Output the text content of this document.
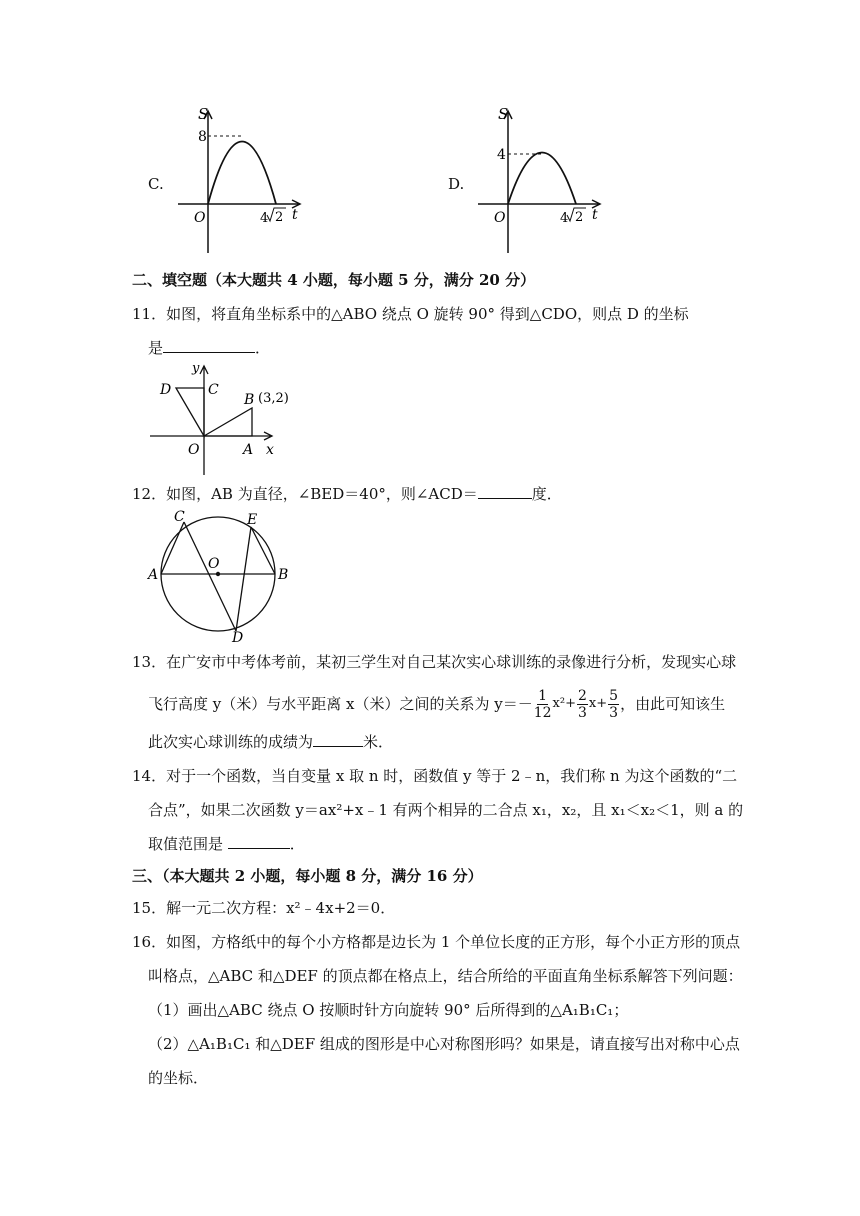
C.
S
8
O	4 2 t
D.
S
4
O	4 2 t
二、填空题（本大题共 4 小题，每小题 5 分，满分 20 分）
11．如图，将直角坐标系中的△ABO 绕点 O 旋转 90° 得到△CDO，则点 D 的坐标
是	．
y
C
D
B (3,2)
O	A x
12．如图，AB 为直径，∠BED＝40°，则∠ACD＝	度．
A	B
C	E
D
O
13．在广安市中考体考前，某初三学生对自己某次实心球训练的录像进行分析，发现实心球
飞行高度 y（米）与水平距离 x（米）之间的关系为 $y=- \frac{1}{12} x^2+ \frac{2}{3} x+ \frac{5}{3}$ ，由此可知该生
此次实心球训练的成绩为	米．
14．对于一个函数，当自变量 x 取 n 时，函数值 y 等于 2﹣n，我们称 n 为这个函数的“二
合点”，如果二次函数 y＝ax²+x﹣1 有两个相异的二合点 x₁，x₂，且 x₁＜x₂＜1，则 a 的
取值范围是	．
三、（本大题共 2 小题，每小题 8 分，满分 16 分）
15．解一元二次方程：x²﹣4x+2＝0．
16．如图，方格纸中的每个小方格都是边长为 1 个单位长度的正方形，每个小正方形的顶点
叫格点，△ABC 和△DEF 的顶点都在格点上，结合所给的平面直角坐标系解答下列问题：
（1）画出△ABC 绕点 O 按顺时针方向旋转 90° 后所得到的△A₁B₁C₁；
（2）△A₁B₁C₁ 和△DEF 组成的图形是中心对称图形吗？如果是，请直接写出对称中心点
的坐标．
